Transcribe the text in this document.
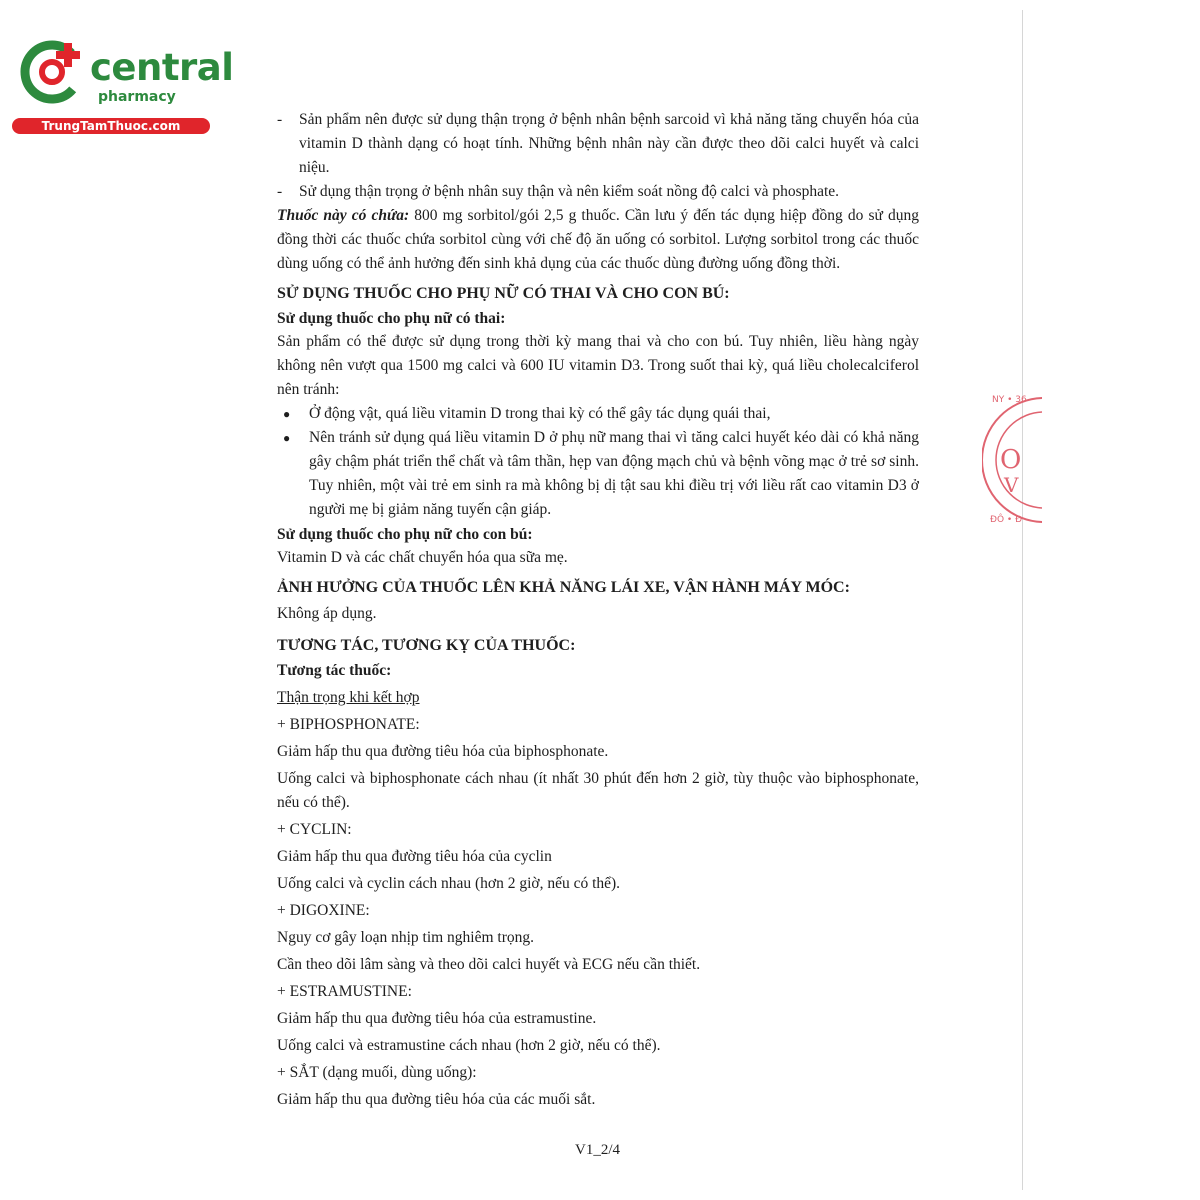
central
pharmacy
TrungTamThuoc.com
NY • 36
O
V
ĐÔ • Đ

- Sản phẩm nên được sử dụng thận trọng ở bệnh nhân bệnh sarcoid vì khả năng tăng chuyển hóa của vitamin D thành dạng có hoạt tính. Những bệnh nhân này cần được theo dõi calci huyết và calci niệu.

- Sử dụng thận trọng ở bệnh nhân suy thận và nên kiểm soát nồng độ calci và phosphate.

Thuốc này có chứa: 800 mg sorbitol/gói 2,5 g thuốc. Cần lưu ý đến tác dụng hiệp đồng do sử dụng đồng thời các thuốc chứa sorbitol cùng với chế độ ăn uống có sorbitol. Lượng sorbitol trong các thuốc dùng uống có thể ảnh hưởng đến sinh khả dụng của các thuốc dùng đường uống đồng thời.

SỬ DỤNG THUỐC CHO PHỤ NỮ CÓ THAI VÀ CHO CON BÚ:
Sử dụng thuốc cho phụ nữ có thai:

Sản phẩm có thể được sử dụng trong thời kỳ mang thai và cho con bú. Tuy nhiên, liều hàng ngày không nên vượt qua 1500 mg calci và 600 IU vitamin D3. Trong suốt thai kỳ, quá liều cholecalciferol nên tránh:

● Ở động vật, quá liều vitamin D trong thai kỳ có thể gây tác dụng quái thai,

● Nên tránh sử dụng quá liều vitamin D ở phụ nữ mang thai vì tăng calci huyết kéo dài có khả năng gây chậm phát triển thể chất và tâm thần, hẹp van động mạch chủ và bệnh võng mạc ở trẻ sơ sinh. Tuy nhiên, một vài trẻ em sinh ra mà không bị dị tật sau khi điều trị với liều rất cao vitamin D3 ở người mẹ bị giảm năng tuyến cận giáp.

Sử dụng thuốc cho phụ nữ cho con bú:

Vitamin D và các chất chuyển hóa qua sữa mẹ.

ẢNH HƯỞNG CỦA THUỐC LÊN KHẢ NĂNG LÁI XE, VẬN HÀNH MÁY MÓC:

Không áp dụng.

TƯƠNG TÁC, TƯƠNG KỴ CỦA THUỐC:
Tương tác thuốc:

Thận trọng khi kết hợp

+ BIPHOSPHONATE:

Giảm hấp thu qua đường tiêu hóa của biphosphonate.

Uống calci và biphosphonate cách nhau (ít nhất 30 phút đến hơn 2 giờ, tùy thuộc vào biphosphonate, nếu có thể).

+ CYCLIN:

Giảm hấp thu qua đường tiêu hóa của cyclin

Uống calci và cyclin cách nhau (hơn 2 giờ, nếu có thể).

+ DIGOXINE:

Nguy cơ gây loạn nhịp tim nghiêm trọng.

Cần theo dõi lâm sàng và theo dõi calci huyết và ECG nếu cần thiết.

+ ESTRAMUSTINE:

Giảm hấp thu qua đường tiêu hóa của estramustine.

Uống calci và estramustine cách nhau (hơn 2 giờ, nếu có thể).

+ SẮT (dạng muối, dùng uống):

Giảm hấp thu qua đường tiêu hóa của các muối sắt.

V1_2/4
